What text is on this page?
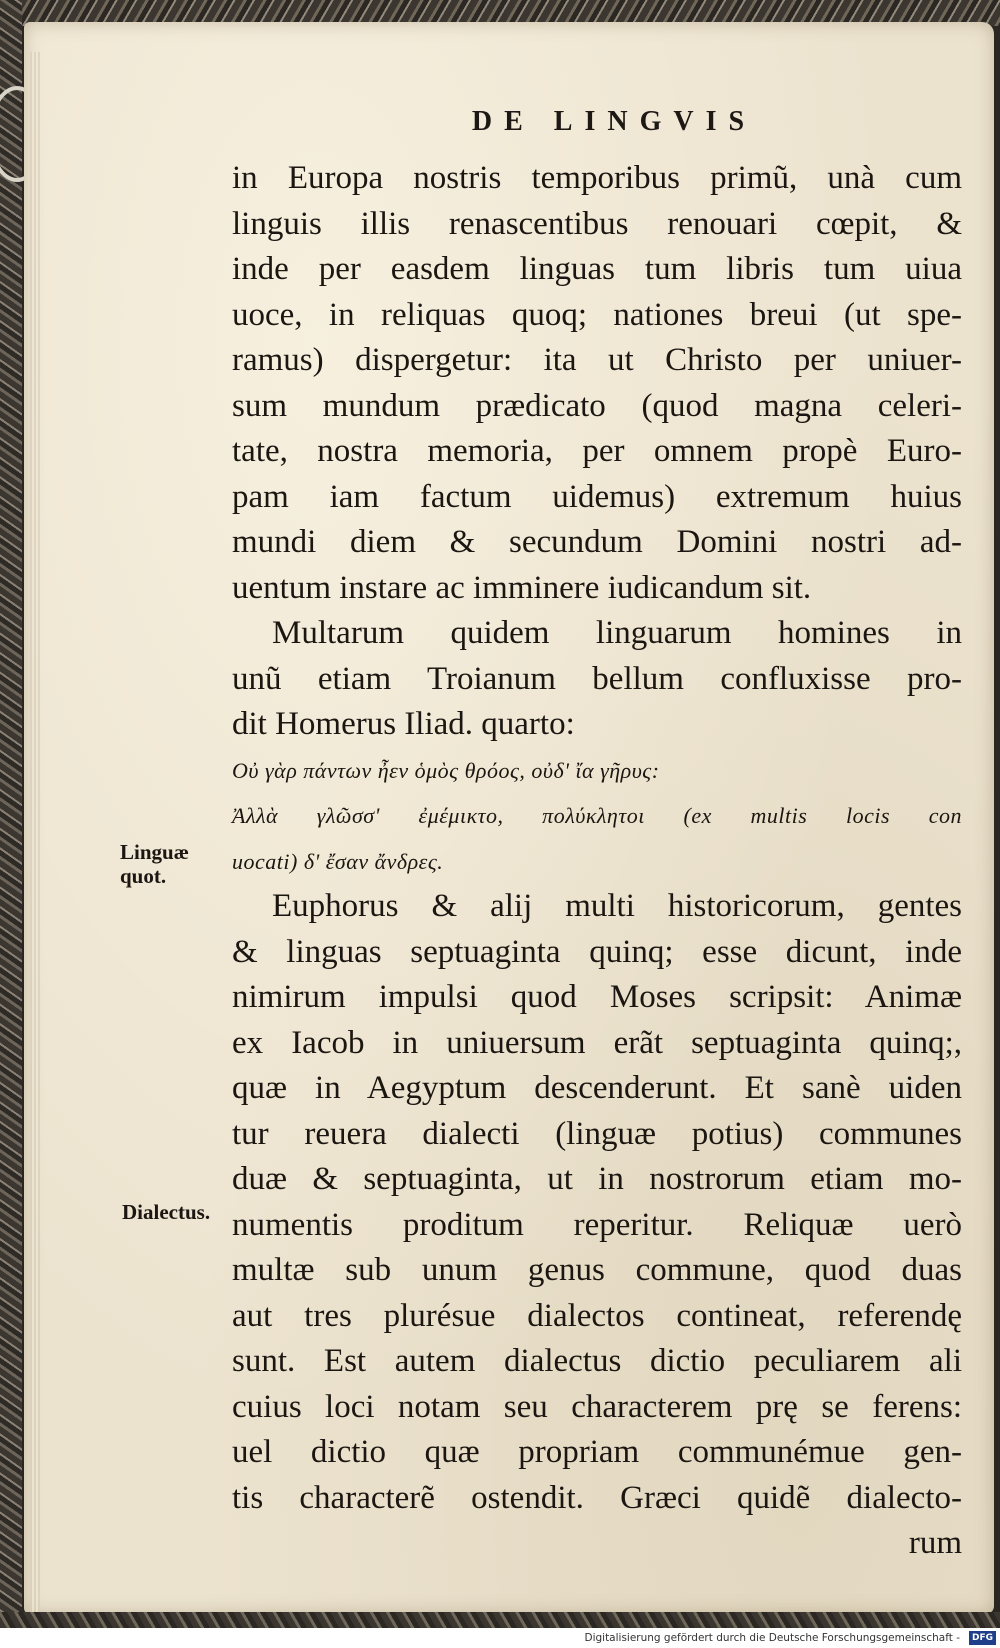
DE LINGVIS
Linguæ
quot.
Dialectus.
in Europa nostris temporibus primũ, unà cum
linguis illis renascentibus renouari cœpit, &
inde per easdem linguas tum libris tum uiua
uoce, in reliquas quoq; nationes breui (ut spe-
ramus) dispergetur: ita ut Christo per uniuer-
sum mundum prædicato (quod magna celeri-
tate, nostra memoria, per omnem propè Euro-
pam iam factum uidemus) extremum huius
mundi diem & secundum Domini nostri ad-
uentum instare ac imminere iudicandum sit.
Multarum quidem linguarum homines in
unũ etiam Troianum bellum confluxisse pro-
dit Homerus Iliad. quarto:
Οὐ γὰρ πάντων ἦεν ὁμὸς θρόος, οὐδ' ἴα γῆρυς:
Ἀλλὰ γλῶσσ' ἐμέμικτο, πολύκλητοι (ex multis locis con
uocati) δ' ἔσαν ἄνδρες.
Euphorus & alij multi historicorum, gentes
& linguas septuaginta quinq; esse dicunt, inde
nimirum impulsi quod Moses scripsit: Animæ
ex Iacob in uniuersum erãt septuaginta quinq;,
quæ in Aegyptum descenderunt. Et sanè uiden
tur reuera dialecti (linguæ potius) communes
duæ & septuaginta, ut in nostrorum etiam mo-
numentis proditum reperitur. Reliquæ uerò
multæ sub unum genus commune, quod duas
aut tres plurésue dialectos contineat, referendę
sunt. Est autem dialectus dictio peculiarem ali
cuius loci notam seu characterem prę se ferens:
uel dictio quæ propriam communémue gen-
tis characterẽ ostendit. Græci quidẽ dialecto-
rum
Digitalisierung gefördert durch die Deutsche Forschungsgemeinschaft -	DFG
